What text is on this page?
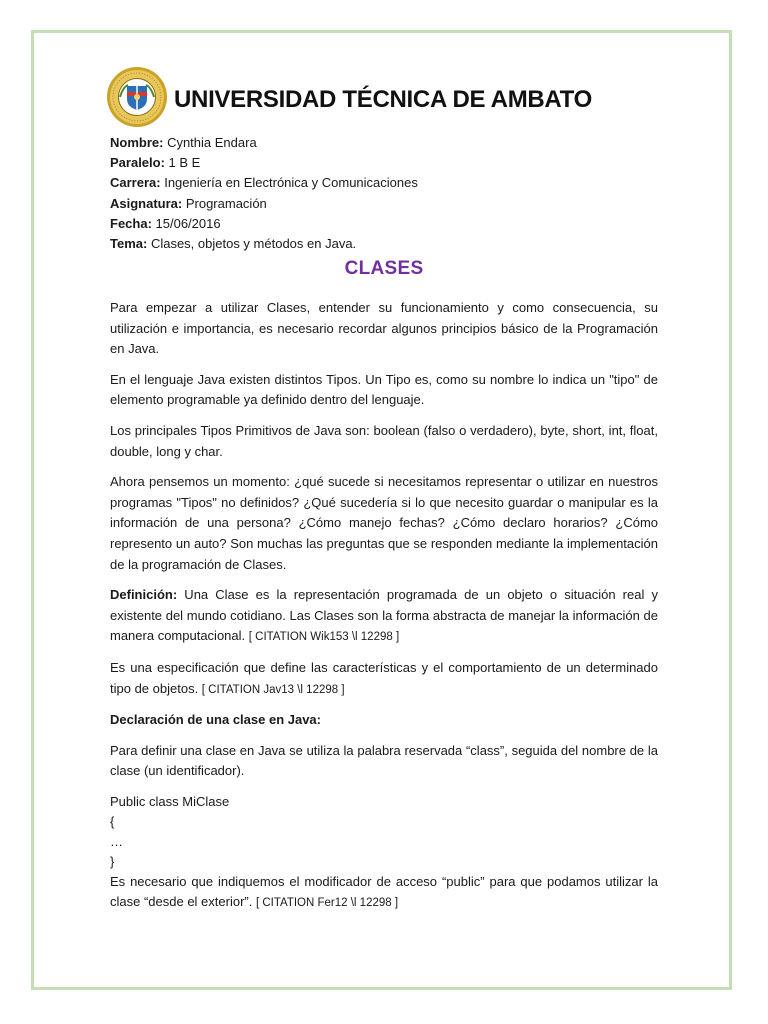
UNIVERSIDAD TÉCNICA DE AMBATO
Nombre: Cynthia Endara
Paralelo: 1 B E
Carrera: Ingeniería en Electrónica y Comunicaciones
Asignatura: Programación
Fecha: 15/06/2016
Tema: Clases, objetos y métodos en Java.
CLASES

Para empezar a utilizar Clases, entender su funcionamiento y como consecuencia, su utilización e importancia, es necesario recordar algunos principios básico de la Programación en Java.

En el lenguaje Java existen distintos Tipos. Un Tipo es, como su nombre lo indica un "tipo" de elemento programable ya definido dentro del lenguaje.

Los principales Tipos Primitivos de Java son: boolean (falso o verdadero), byte, short, int, float, double, long y char.

Ahora pensemos un momento: ¿qué sucede si necesitamos representar o utilizar en nuestros programas "Tipos" no definidos? ¿Qué sucedería si lo que necesito guardar o manipular es la información de una persona? ¿Cómo manejo fechas? ¿Cómo declaro horarios? ¿Cómo represento un auto? Son muchas las preguntas que se responden mediante la implementación de la programación de Clases.

Definición: Una Clase es la representación programada de un objeto o situación real y existente del mundo cotidiano. Las Clases son la forma abstracta de manejar la información de manera computacional. [ CITATION Wik153 \l 12298 ]

Es una especificación que define las características y el comportamiento de un determinado tipo de objetos. [ CITATION Jav13 \l 12298 ]

Declaración de una clase en Java:

Para definir una clase en Java se utiliza la palabra reservada “class”, seguida del nombre de la clase (un identificador).

Public class MiClase
{
…
}

Es necesario que indiquemos el modificador de acceso “public” para que podamos utilizar la clase “desde el exterior”. [ CITATION Fer12 \l 12298 ]
